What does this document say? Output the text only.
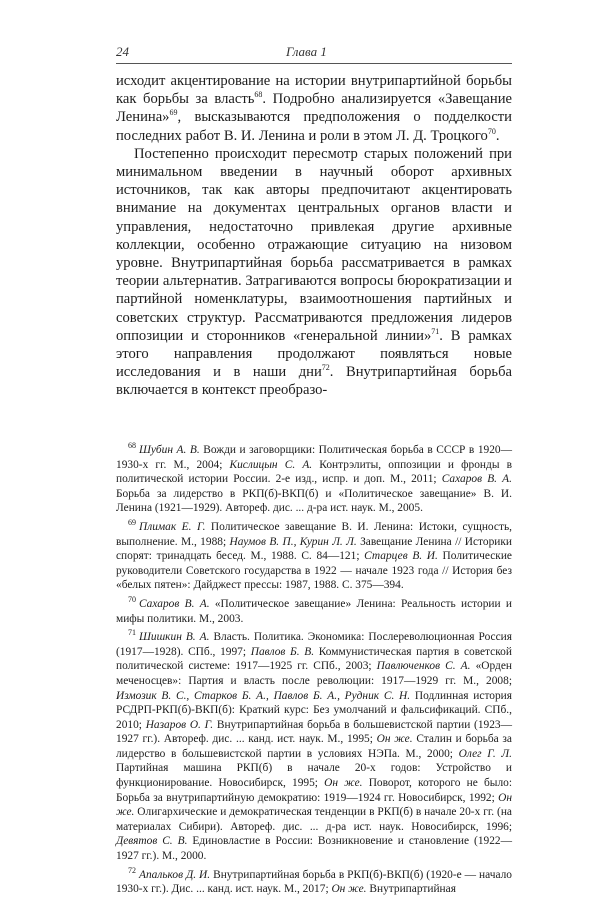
24	Глава 1

исходит акцентирование на истории внутрипартийной борьбы как борьбы за власть$^{68}$. Подробно анализируется «Завещание Ленина»$^{69}$, высказываются предположения о подделкости последних работ В. И. Ленина и роли в этом Л. Д. Троцкого$^{70}$.

Постепенно происходит пересмотр старых положений при минимальном введении в научный оборот архивных источников, так как авторы предпочитают акцентировать внимание на документах центральных органов власти и управления, недостаточно привлекая другие архивные коллекции, особенно отражающие ситуацию на низовом уровне. Внутрипартийная борьба рассматривается в рамках теории альтернатив. Затрагиваются вопросы бюрократизации и партийной номенклатуры, взаимоотношения партийных и советских структур. Рассматриваются предложения лидеров оппозиции и сторонников «генеральной линии»$^{71}$. В рамках этого направления продолжают появляться новые исследования и в наши дни$^{72}$. Внутрипартийная борьба включается в контекст преобразо-

$^{68}$ Шубин А. В. Вожди и заговорщики: Политическая борьба в СССР в 1920—1930-х гг. М., 2004; Кислицын С. А. Контрэлиты, оппозиции и фронды в политической истории России. 2-е изд., испр. и доп. М., 2011; Сахаров В. А. Борьба за лидерство в РКП(б)-ВКП(б) и «Политическое завещание» В. И. Ленина (1921—1929). Автореф. дис. ... д-ра ист. наук. М., 2005.

$^{69}$ Плимак Е. Г. Политическое завещание В. И. Ленина: Истоки, сущность, выполнение. М., 1988; Наумов В. П., Курин Л. Л. Завещание Ленина // Историки спорят: тринадцать бесед. М., 1988. С. 84—121; Старцев В. И. Политические руководители Советского государства в 1922 — начале 1923 года // История без «белых пятен»: Дайджест прессы: 1987, 1988. С. 375—394.

$^{70}$ Сахаров В. А. «Политическое завещание» Ленина: Реальность истории и мифы политики. М., 2003.

$^{71}$ Шишкин В. А. Власть. Политика. Экономика: Послереволюционная Россия (1917—1928). СПб., 1997; Павлов Б. В. Коммунистическая партия в советской политической системе: 1917—1925 гг. СПб., 2003; Павлюченков С. А. «Орден меченосцев»: Партия и власть после революции: 1917—1929 гг. М., 2008; Измозик В. С., Старков Б. А., Павлов Б. А., Рудник С. Н. Подлинная история РСДРП-РКП(б)-ВКП(б): Краткий курс: Без умолчаний и фальсификаций. СПб., 2010; Назаров О. Г. Внутрипартийная борьба в большевистской партии (1923—1927 гг.). Автореф. дис. ... канд. ист. наук. М., 1995; Он же. Сталин и борьба за лидерство в большевистской партии в условиях НЭПа. М., 2000; Олег Г. Л. Партийная машина РКП(б) в начале 20-х годов: Устройство и функционирование. Новосибирск, 1995; Он же. Поворот, которого не было: Борьба за внутрипартийную демократию: 1919—1924 гг. Новосибирск, 1992; Он же. Олигархические и демократическая тенденции в РКП(б) в начале 20-х гг. (на материалах Сибири). Автореф. дис. ... д-ра ист. наук. Новосибирск, 1996; Девятов С. В. Единовластие в России: Возникновение и становление (1922—1927 гг.). М., 2000.

$^{72}$ Апальков Д. И. Внутрипартийная борьба в РКП(б)-ВКП(б) (1920-е — начало 1930-х гг.). Дис. ... канд. ист. наук. М., 2017; Он же. Внутрипартийная
